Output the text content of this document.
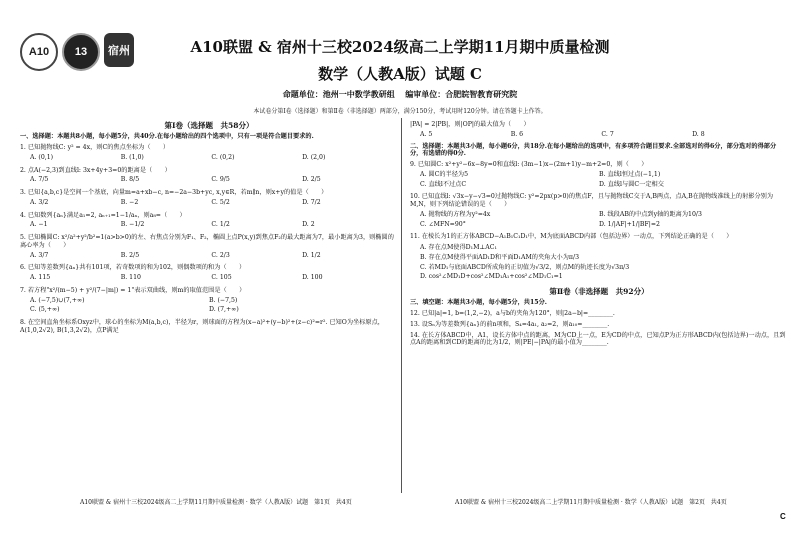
A10	13	宿州	A10联盟 & 宿州十三校2024级高二上学期11月期中质量检测
数学（人教A版）试题 C
命题单位：池州一中数学教研组 编审单位：合肥皖智教育研究院
本试卷分第Ⅰ卷（选择题）和第Ⅱ卷（非选择题）两部分，满分150分，考试用时120分钟。请在答题卡上作答。
第Ⅰ卷（选择题　共58分）
一、选择题：本题共8小题，每小题5分，共40分.在每小题给出的四个选项中，只有一项是符合题目要求的.
1. 已知抛物线C: y² = 4x，则C的焦点坐标为（　　）
A. (0,1)	B. (1,0)	C. (0,2)	D. (2,0)
2. 点A(−2,3)到直线l: 3x+4y+3=0的距离是（　　）
A. 7/5	B. 8/5	C. 9/5	D. 2/5
3. 已知{a,b,c}是空间一个基底，向量m=a+xb−c, n=−2a−3b+yc, x,y∈R，若m∥n，则x+y的值是（　　）
A. 3/2	B. −2	C. 5/2	D. 7/2
4. 已知数列{aₙ}满足a₁=2, aₙ₊₁=1−1/aₙ，则a₈=（　　）
A. −1	B. −1/2	C. 1/2	D. 2
5. 已知椭圆C: x²/a²+y²/b²=1(a>b>0)的左、右焦点分别为F₁、F₂，椭圆上点P(x,y)到焦点F₂的最大距离为7，最小距离为3，则椭圆的离心率为（　　）
A. 3/7	B. 2/5	C. 2/3	D. 1/2
6. 已知等差数列{aₙ}共有101项，若奇数项的和为102，则偶数项的和为（　　）
A. 115	B. 110	C. 105	D. 100
7. 若方程"x²/(m−5) + y²/(7−|m|) = 1"表示双曲线，则m的取值范围是（　　）
A. (−7,5)∪(7,+∞)	B. (−7,5)
C. (5,+∞)	D. (7,+∞)
8. 在空间直角坐标系Oxyz中，球心的坐标为M(a,b,c)，半径为r，则球面的方程为(x−a)²+(y−b)²+(z−c)²=r². 已知O为坐标原点，A(1,0,2√2), B(1,3,2√2)，点P满足
|PA| = 2|PB|，则|OP|的最大值为（　　）
A. 5	B. 6	C. 7	D. 8
二、选择题：本题共3小题，每小题6分，共18分.在每小题给出的选项中，有多项符合题目要求.全部选对的得6分，部分选对的得部分分，有选错的得0分.
9. 已知圆C: x²+y²−6x−8y=0和直线l: (3m−1)x−(2m+1)y−m+2=0，则（　　）
A. 圆C的半径为5	B. 直线l恒过点(−1,1)
C. 直线l不过点C	D. 直线l与圆C一定相交
10. 已知直线l: √3x−y−√3=0过抛物线C: y²=2px(p>0)的焦点F，且与抛物线C交于A,B两点，点A,B在抛物线准线上的射影分别为M,N，则下列结论错误的是（　　）
A. 抛物线的方程为y²=4x	B. 线段AB的中点到y轴的距离为10/3
C. ∠MFN=90°	D. 1/|AF|+1/|BF|=2
11. 在棱长为1的正方体ABCD−A₁B₁C₁D₁中，M为底面ABCD内部（包括边界）一动点，下列结论正确的是（　　）
A. 存在点M使得D₁M⊥AC₁
B. 存在点M使得平面AD₁D和平面D₁AM的夹角大小为π/3
C. 若MD₁与底面ABCD所成角的正切值为√3/2，则点M的轨迹长度为√3π/3
D. cos²∠MD₁D+cos²∠MD₁A₁+cos²∠MD₁C₁=1
第Ⅱ卷（非选择题　共92分）
三、填空题：本题共3小题，每小题5分，共15分.
12. 已知|a|=1, b=(1,2,−2)，a与b的夹角为120°，则|2a−b|=________.
13. 设Sₙ为等差数列{aₙ}的前n项和，S₄=4a₁, a₂=2，则a₁₀=________.
14. 在长方体ABCD中，A1，设长方体中点的距离，M为CD上一点，E为CD的中点，已知点P为正方形ABCD内(包括边界)一动点，且到点A的距离和到CD的距离的比为1/2，则|PE|−|PA|的最小值为________.
A10联盟 & 宿州十三校2024级高二上学期11月期中质量检测 · 数学（人教A版）试题　第1页　共4页	A10联盟 & 宿州十三校2024级高二上学期11月期中质量检测 · 数学（人教A版）试题　第2页　共4页
C
